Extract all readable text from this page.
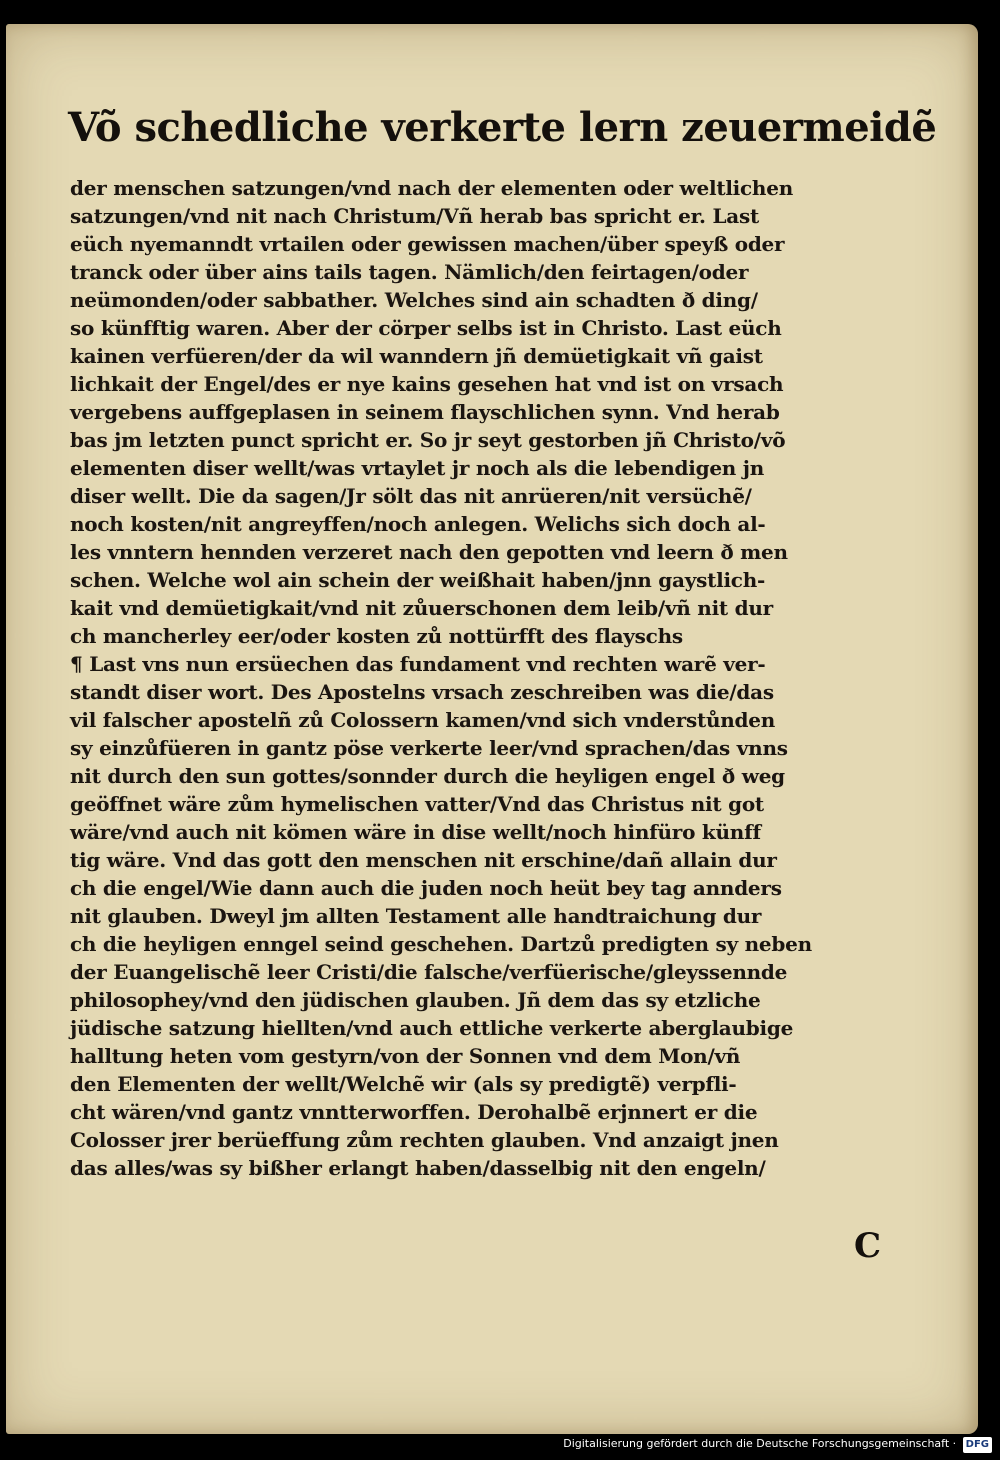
Võ schedliche verkerte lern zeuermeidẽ
der menschen satzungen/vnd nach der elementen oder weltlichen
satzungen/vnd nit nach Christum/Vñ herab bas spricht er. Last
eüch nyemanndt vrtailen oder gewissen machen/über speyß oder
tranck oder über ains tails tagen. Nämlich/den feirtagen/oder
neümonden/oder sabbather. Welches sind ain schadten ð ding/
so künfftig waren. Aber der cörper selbs ist in Christo. Last eüch
kainen verfüeren/der da wil wanndern jñ demüetigkait vñ gaist
lichkait der Engel/des er nye kains gesehen hat vnd ist on vrsach
vergebens auffgeplasen in seinem flayschlichen synn. Vnd herab
bas jm letzten punct spricht er. So jr seyt gestorben jñ Christo/võ
elementen diser wellt/was vrtaylet jr noch als die lebendigen jn
diser wellt. Die da sagen/Jr sölt das nit anrüeren/nit versüchẽ/
noch kosten/nit angreyffen/noch anlegen. Welichs sich doch al-
les vnntern hennden verzeret nach den gepotten vnd leern ð men
schen. Welche wol ain schein der weißhait haben/jnn gaystlich-
kait vnd demüetigkait/vnd nit zůuerschonen dem leib/vñ nit dur
ch mancherley eer/oder kosten zů nottürfft des flayschs
¶ Last vns nun ersüechen das fundament vnd rechten warẽ ver-
standt diser wort. Des Apostelns vrsach zeschreiben was die/das
vil falscher apostelñ zů Colossern kamen/vnd sich vnderstůnden
sy einzůfüeren in gantz pöse verkerte leer/vnd sprachen/das vnns
nit durch den sun gottes/sonnder durch die heyligen engel ð weg
geöffnet wäre zům hymelischen vatter/Vnd das Christus nit got
wäre/vnd auch nit kömen wäre in dise wellt/noch hinfüro künff
tig wäre. Vnd das gott den menschen nit erschine/dañ allain dur
ch die engel/Wie dann auch die juden noch heüt bey tag annders
nit glauben. Dweyl jm allten Testament alle handtraichung dur
ch die heyligen enngel seind geschehen. Dartzů predigten sy neben
der Euangelischẽ leer Cristi/die falsche/verfüerische/gleyssennde
philosophey/vnd den jüdischen glauben. Jñ dem das sy etzliche
jüdische satzung hiellten/vnd auch ettliche verkerte aberglaubige
halltung heten vom gestyrn/von der Sonnen vnd dem Mon/vñ
den Elementen der wellt/Welchẽ wir (als sy predigtẽ) verpfli-
cht wären/vnd gantz vnntterworffen. Derohalbẽ erjnnert er die
Colosser jrer berüeffung zům rechten glauben. Vnd anzaigt jnen
das alles/was sy bißher erlangt haben/dasselbig nit den engeln/
C
Digitalisierung gefördert durch die Deutsche Forschungsgemeinschaft · DFG
